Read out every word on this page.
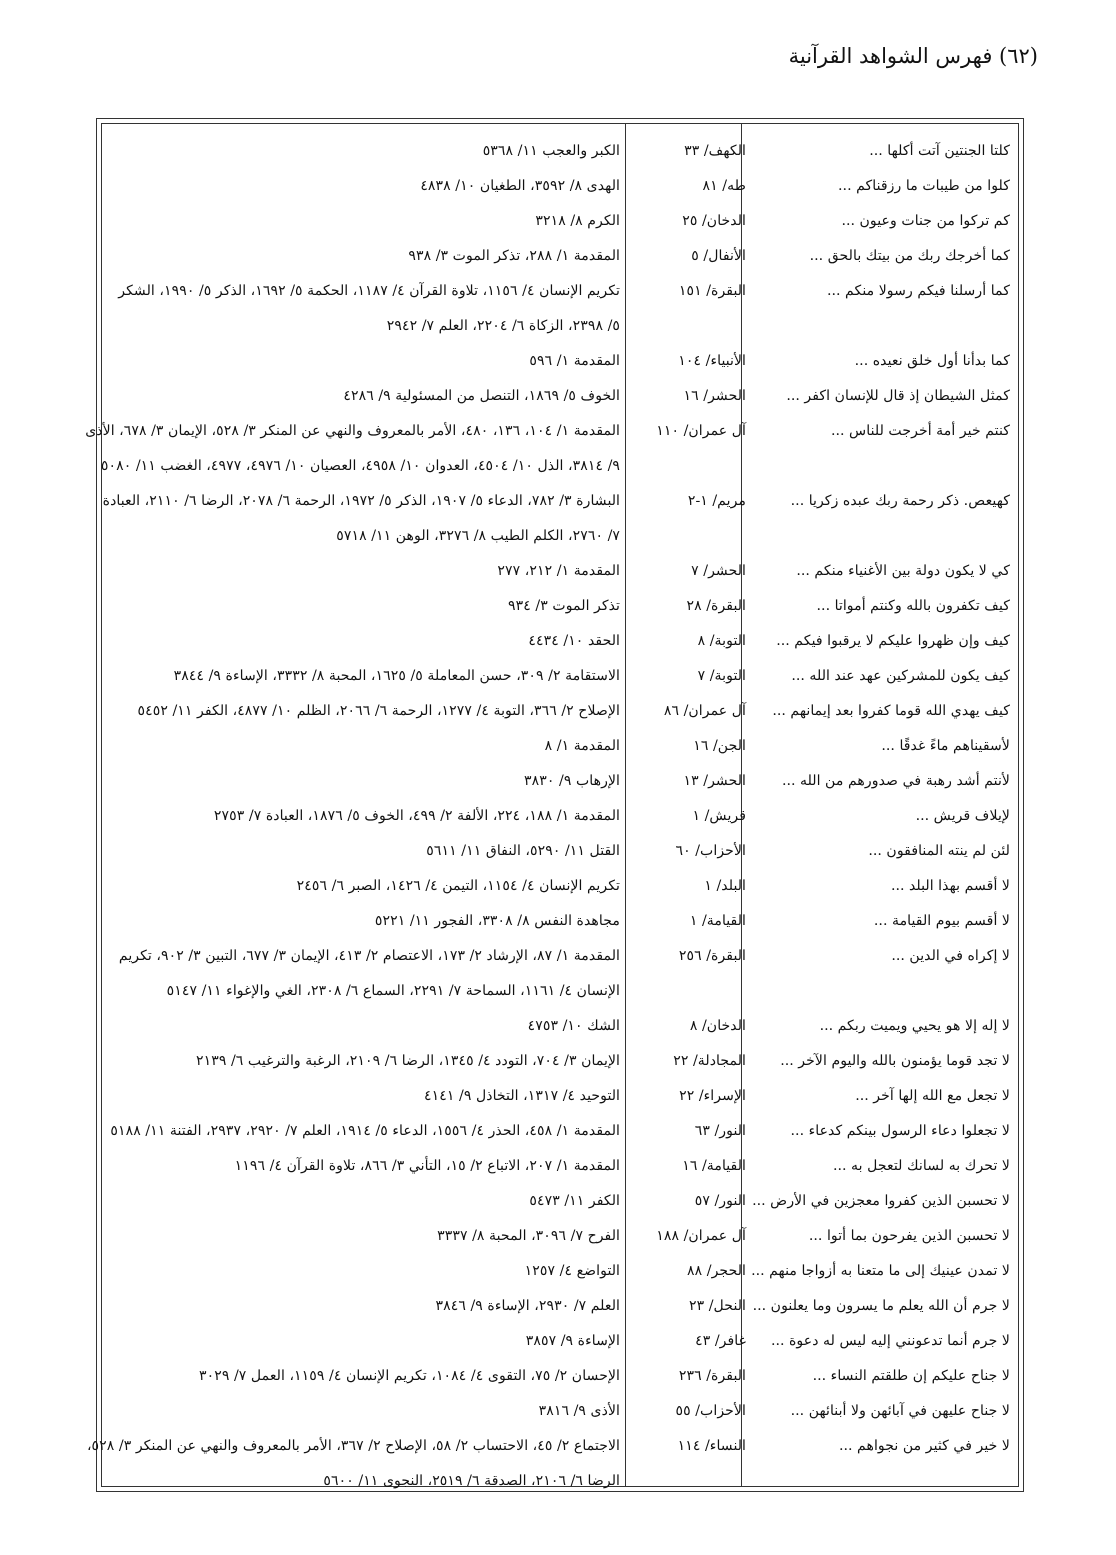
(٦٢) فهرس الشواهد القرآنية
كلتا الجنتين آتت أكلها ...
الكهف/ ٣٣
الكبر والعجب ١١/ ٥٣٦٨
كلوا من طيبات ما رزقناكم ...
طه/ ٨١
الهدى ٨/ ٣٥٩٢، الطغيان ١٠/ ٤٨٣٨
كم تركوا من جنات وعيون ...
الدخان/ ٢٥
الكرم ٨/ ٣٢١٨
كما أخرجك ربك من بيتك بالحق ...
الأنفال/ ٥
المقدمة ١/ ٢٨٨، تذكر الموت ٣/ ٩٣٨
كما أرسلنا فيكم رسولا منكم ...
البقرة/ ١٥١
تكريم الإنسان ٤/ ١١٥٦، تلاوة القرآن ٤/ ١١٨٧، الحكمة ٥/ ١٦٩٢، الذكر ٥/ ١٩٩٠، الشكر
٥/ ٢٣٩٨، الزكاة ٦/ ٢٢٠٤، العلم ٧/ ٢٩٤٢
كما بدأنا أول خلق نعيده ...
الأنبياء/ ١٠٤
المقدمة ١/ ٥٩٦
كمثل الشيطان إذ قال للإنسان اكفر ...
الحشر/ ١٦
الخوف ٥/ ١٨٦٩، التنصل من المسئولية ٩/ ٤٢٨٦
كنتم خير أمة أخرجت للناس ...
آل عمران/ ١١٠
المقدمة ١/ ١٠٤، ١٣٦، ٤٨٠، الأمر بالمعروف والنهي عن المنكر ٣/ ٥٢٨، الإيمان ٣/ ٦٧٨، الأذى
٩/ ٣٨١٤، الذل ١٠/ ٤٥٠٤، العدوان ١٠/ ٤٩٥٨، العصيان ١٠/ ٤٩٧٦، ٤٩٧٧، الغضب ١١/ ٥٠٨٠
كهيعص. ذكر رحمة ربك عبده زكريا ...
مريم/ ١-٢
البشارة ٣/ ٧٨٢، الدعاء ٥/ ١٩٠٧، الذكر ٥/ ١٩٧٢، الرحمة ٦/ ٢٠٧٨، الرضا ٦/ ٢١١٠، العبادة
٧/ ٢٧٦٠، الكلم الطيب ٨/ ٣٢٧٦، الوهن ١١/ ٥٧١٨
كي لا يكون دولة بين الأغنياء منكم ...
الحشر/ ٧
المقدمة ١/ ٢١٢، ٢٧٧
كيف تكفرون بالله وكنتم أمواتا ...
البقرة/ ٢٨
تذكر الموت ٣/ ٩٣٤
كيف وإن ظهروا عليكم لا يرقبوا فيكم ...
التوبة/ ٨
الحقد ١٠/ ٤٤٣٤
كيف يكون للمشركين عهد عند الله ...
التوبة/ ٧
الاستقامة ٢/ ٣٠٩، حسن المعاملة ٥/ ١٦٢٥، المحبة ٨/ ٣٣٣٢، الإساءة ٩/ ٣٨٤٤
كيف يهدي الله قوما كفروا بعد إيمانهم ...
آل عمران/ ٨٦
الإصلاح ٢/ ٣٦٦، التوبة ٤/ ١٢٧٧، الرحمة ٦/ ٢٠٦٦، الظلم ١٠/ ٤٨٧٧، الكفر ١١/ ٥٤٥٢
لأسقيناهم ماءً غدقًا ...
الجن/ ١٦
المقدمة ١/ ٨
لأنتم أشد رهبة في صدورهم من الله ...
الحشر/ ١٣
الإرهاب ٩/ ٣٨٣٠
لإيلاف قريش ...
قريش/ ١
المقدمة ١/ ١٨٨، ٢٢٤، الألفة ٢/ ٤٩٩، الخوف ٥/ ١٨٧٦، العبادة ٧/ ٢٧٥٣
لئن لم ينته المنافقون ...
الأحزاب/ ٦٠
القتل ١١/ ٥٢٩٠، النفاق ١١/ ٥٦١١
لا أقسم بهذا البلد ...
البلد/ ١
تكريم الإنسان ٤/ ١١٥٤، التيمن ٤/ ١٤٢٦، الصبر ٦/ ٢٤٥٦
لا أقسم بيوم القيامة ...
القيامة/ ١
مجاهدة النفس ٨/ ٣٣٠٨، الفجور ١١/ ٥٢٢١
لا إكراه في الدين ...
البقرة/ ٢٥٦
المقدمة ١/ ٨٧، الإرشاد ٢/ ١٧٣، الاعتصام ٢/ ٤١٣، الإيمان ٣/ ٦٧٧، التبين ٣/ ٩٠٢، تكريم
الإنسان ٤/ ١١٦١، السماحة ٧/ ٢٢٩١، السماع ٦/ ٢٣٠٨، الغي والإغواء ١١/ ٥١٤٧
لا إله إلا هو يحيي ويميت ربكم ...
الدخان/ ٨
الشك ١٠/ ٤٧٥٣
لا تجد قوما يؤمنون بالله واليوم الآخر ...
المجادلة/ ٢٢
الإيمان ٣/ ٧٠٤، التودد ٤/ ١٣٤٥، الرضا ٦/ ٢١٠٩، الرغبة والترغيب ٦/ ٢١٣٩
لا تجعل مع الله إلها آخر ...
الإسراء/ ٢٢
التوحيد ٤/ ١٣١٧، التخاذل ٩/ ٤١٤١
لا تجعلوا دعاء الرسول بينكم كدعاء ...
النور/ ٦٣
المقدمة ١/ ٤٥٨، الحذر ٤/ ١٥٥٦، الدعاء ٥/ ١٩١٤، العلم ٧/ ٢٩٢٠، ٢٩٣٧، الفتنة ١١/ ٥١٨٨
لا تحرك به لسانك لتعجل به ...
القيامة/ ١٦
المقدمة ١/ ٢٠٧، الاتباع ٢/ ١٥، التأني ٣/ ٨٦٦، تلاوة القرآن ٤/ ١١٩٦
لا تحسبن الذين كفروا معجزين في الأرض ...
النور/ ٥٧
الكفر ١١/ ٥٤٧٣
لا تحسبن الذين يفرحون بما أتوا ...
آل عمران/ ١٨٨
الفرح ٧/ ٣٠٩٦، المحبة ٨/ ٣٣٣٧
لا تمدن عينيك إلى ما متعنا به أزواجا منهم ...
الحجر/ ٨٨
التواضع ٤/ ١٢٥٧
لا جرم أن الله يعلم ما يسرون وما يعلنون ...
النحل/ ٢٣
العلم ٧/ ٢٩٣٠، الإساءة ٩/ ٣٨٤٦
لا جرم أنما تدعونني إليه ليس له دعوة ...
غافر/ ٤٣
الإساءة ٩/ ٣٨٥٧
لا جناح عليكم إن طلقتم النساء ...
البقرة/ ٢٣٦
الإحسان ٢/ ٧٥، التقوى ٤/ ١٠٨٤، تكريم الإنسان ٤/ ١١٥٩، العمل ٧/ ٣٠٢٩
لا جناح عليهن في آبائهن ولا أبنائهن ...
الأحزاب/ ٥٥
الأذى ٩/ ٣٨١٦
لا خير في كثير من نجواهم ...
النساء/ ١١٤
الاجتماع ٢/ ٤٥، الاحتساب ٢/ ٥٨، الإصلاح ٢/ ٣٦٧، الأمر بالمعروف والنهي عن المنكر ٣/ ٥٢٨،
الرضا ٦/ ٢١٠٦، الصدقة ٦/ ٢٥١٩، النجوى ١١/ ٥٦٠٠
